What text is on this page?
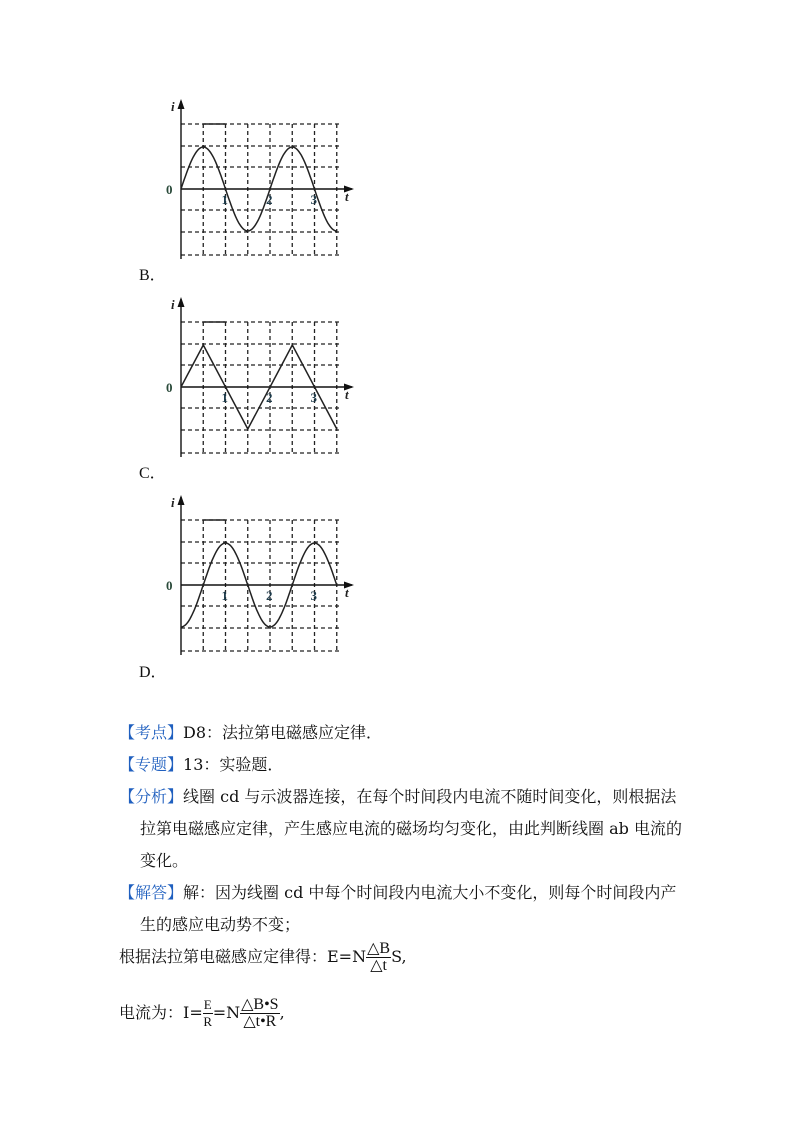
i
t
0
1	2	3
B．
i
t
0
1	2	3
C．
i
t
0
1	2	3
D．
【考点】D8：法拉第电磁感应定律．
【专题】13：实验题．
【分析】线圈 cd 与示波器连接，在每个时间段内电流不随时间变化，则根据法
拉第电磁感应定律，产生感应电流的磁场均匀变化，由此判断线圈 ab 电流的
变化。
【解答】解：因为线圈 cd 中每个时间段内电流大小不变化，则每个时间段内产
生的感应电动势不变；
根据法拉第电磁感应定律得：$E=N \frac{\triangle B}{\triangle t} S$,
电流为：$I= \frac{E}{R} =N \frac{\triangle B•S}{\triangle t•R}$ ,
